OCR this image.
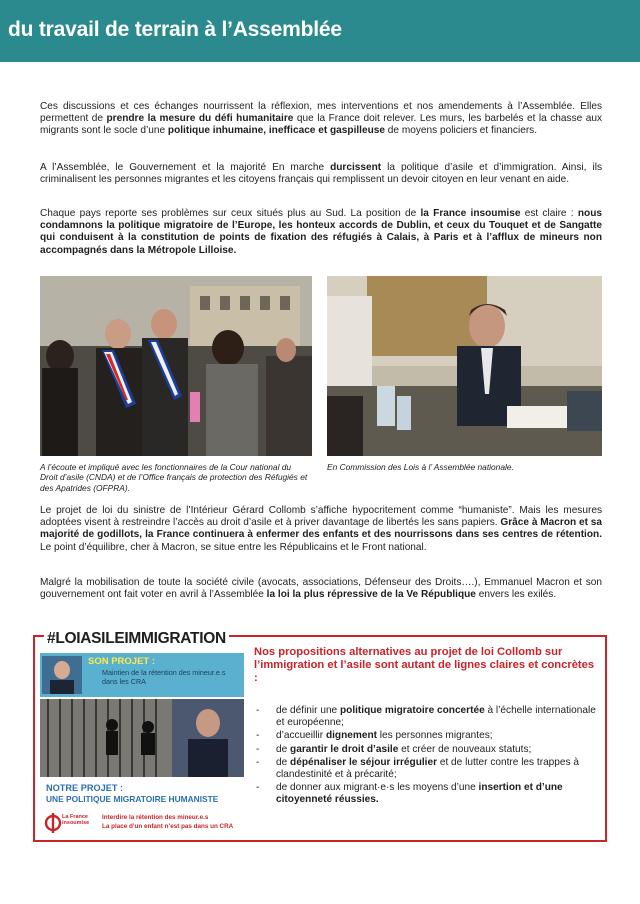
du travail de terrain à l’Assemblée

Ces discussions et ces échanges nourrissent la réflexion, mes interventions et nos amendements à l’Assemblée. Elles permettent de prendre la mesure du défi humanitaire que la France doit relever. Les murs, les barbelés et la chasse aux migrants sont le socle d’une politique inhumaine, inefficace et gaspilleuse de moyens policiers et financiers.

A l’Assemblée, le Gouvernement et la majorité En marche durcissent la politique d’asile et d’immigration. Ainsi, ils criminalisent les personnes migrantes et les citoyens français qui remplissent un devoir citoyen en leur venant en aide.

Chaque pays reporte ses problèmes sur ceux situés plus au Sud. La position de la France insoumise est claire : nous condamnons la politique migratoire de l’Europe, les honteux accords de Dublin, et ceux du Touquet et de Sangatte qui conduisent à la constitution de points de fixation des réfugiés à Calais, à Paris et à l’afflux de mineurs non accompagnés dans la Métropole Lilloise.

A l’écoute et impliqué avec les fonctionnaires de la Cour national du Droit d’asile (CNDA) et de l’Office français de protection des Réfugiés et des Apatrides (OFPRA).
En Commission des Lois à l’ Assemblée nationale.

Le projet de loi du sinistre de l’Intérieur Gérard Collomb s’affiche hypocritement comme “humaniste”. Mais les mesures adoptées visent à restreindre l’accès au droit d’asile et à priver davantage de libertés les sans papiers. Grâce à Macron et sa majorité de godillots, la France continuera à enfermer des enfants et des nourrissons dans ses centres de rétention. Le point d’équilibre, cher à Macron, se situe entre les Républicains et le Front national.

Malgré la mobilisation de toute la société civile (avocats, associations, Défenseur des Droits….), Emmanuel Macron et son gouvernement ont fait voter en avril à l’Assemblée la loi la plus répressive de la Ve République envers les exilés.

#LOIASILEIMMIGRATION
SON PROJET :
Maintien de la rétention des mineur.e.s dans les CRA
NOTRE PROJET :
UNE POLITIQUE MIGRATOIRE HUMANISTE
La France insoumise
Interdire la rétention des mineur.e.s
La place d’un enfant n’est pas dans un CRA
Nos propositions alternatives au projet de loi Collomb sur l’immigration et l’asile sont autant de lignes claires et concrètes :
- de définir une politique migratoire concertée à l’échelle internationale et européenne;
- d’accueillir dignement les personnes migrantes;
- de garantir le droit d’asile et créer de nouveaux statuts;
- de dépénaliser le séjour irrégulier et de lutter contre les trappes à clandestinité et à précarité;
- de donner aux migrant·e·s les moyens d’une insertion et d’une citoyenneté réussies.
